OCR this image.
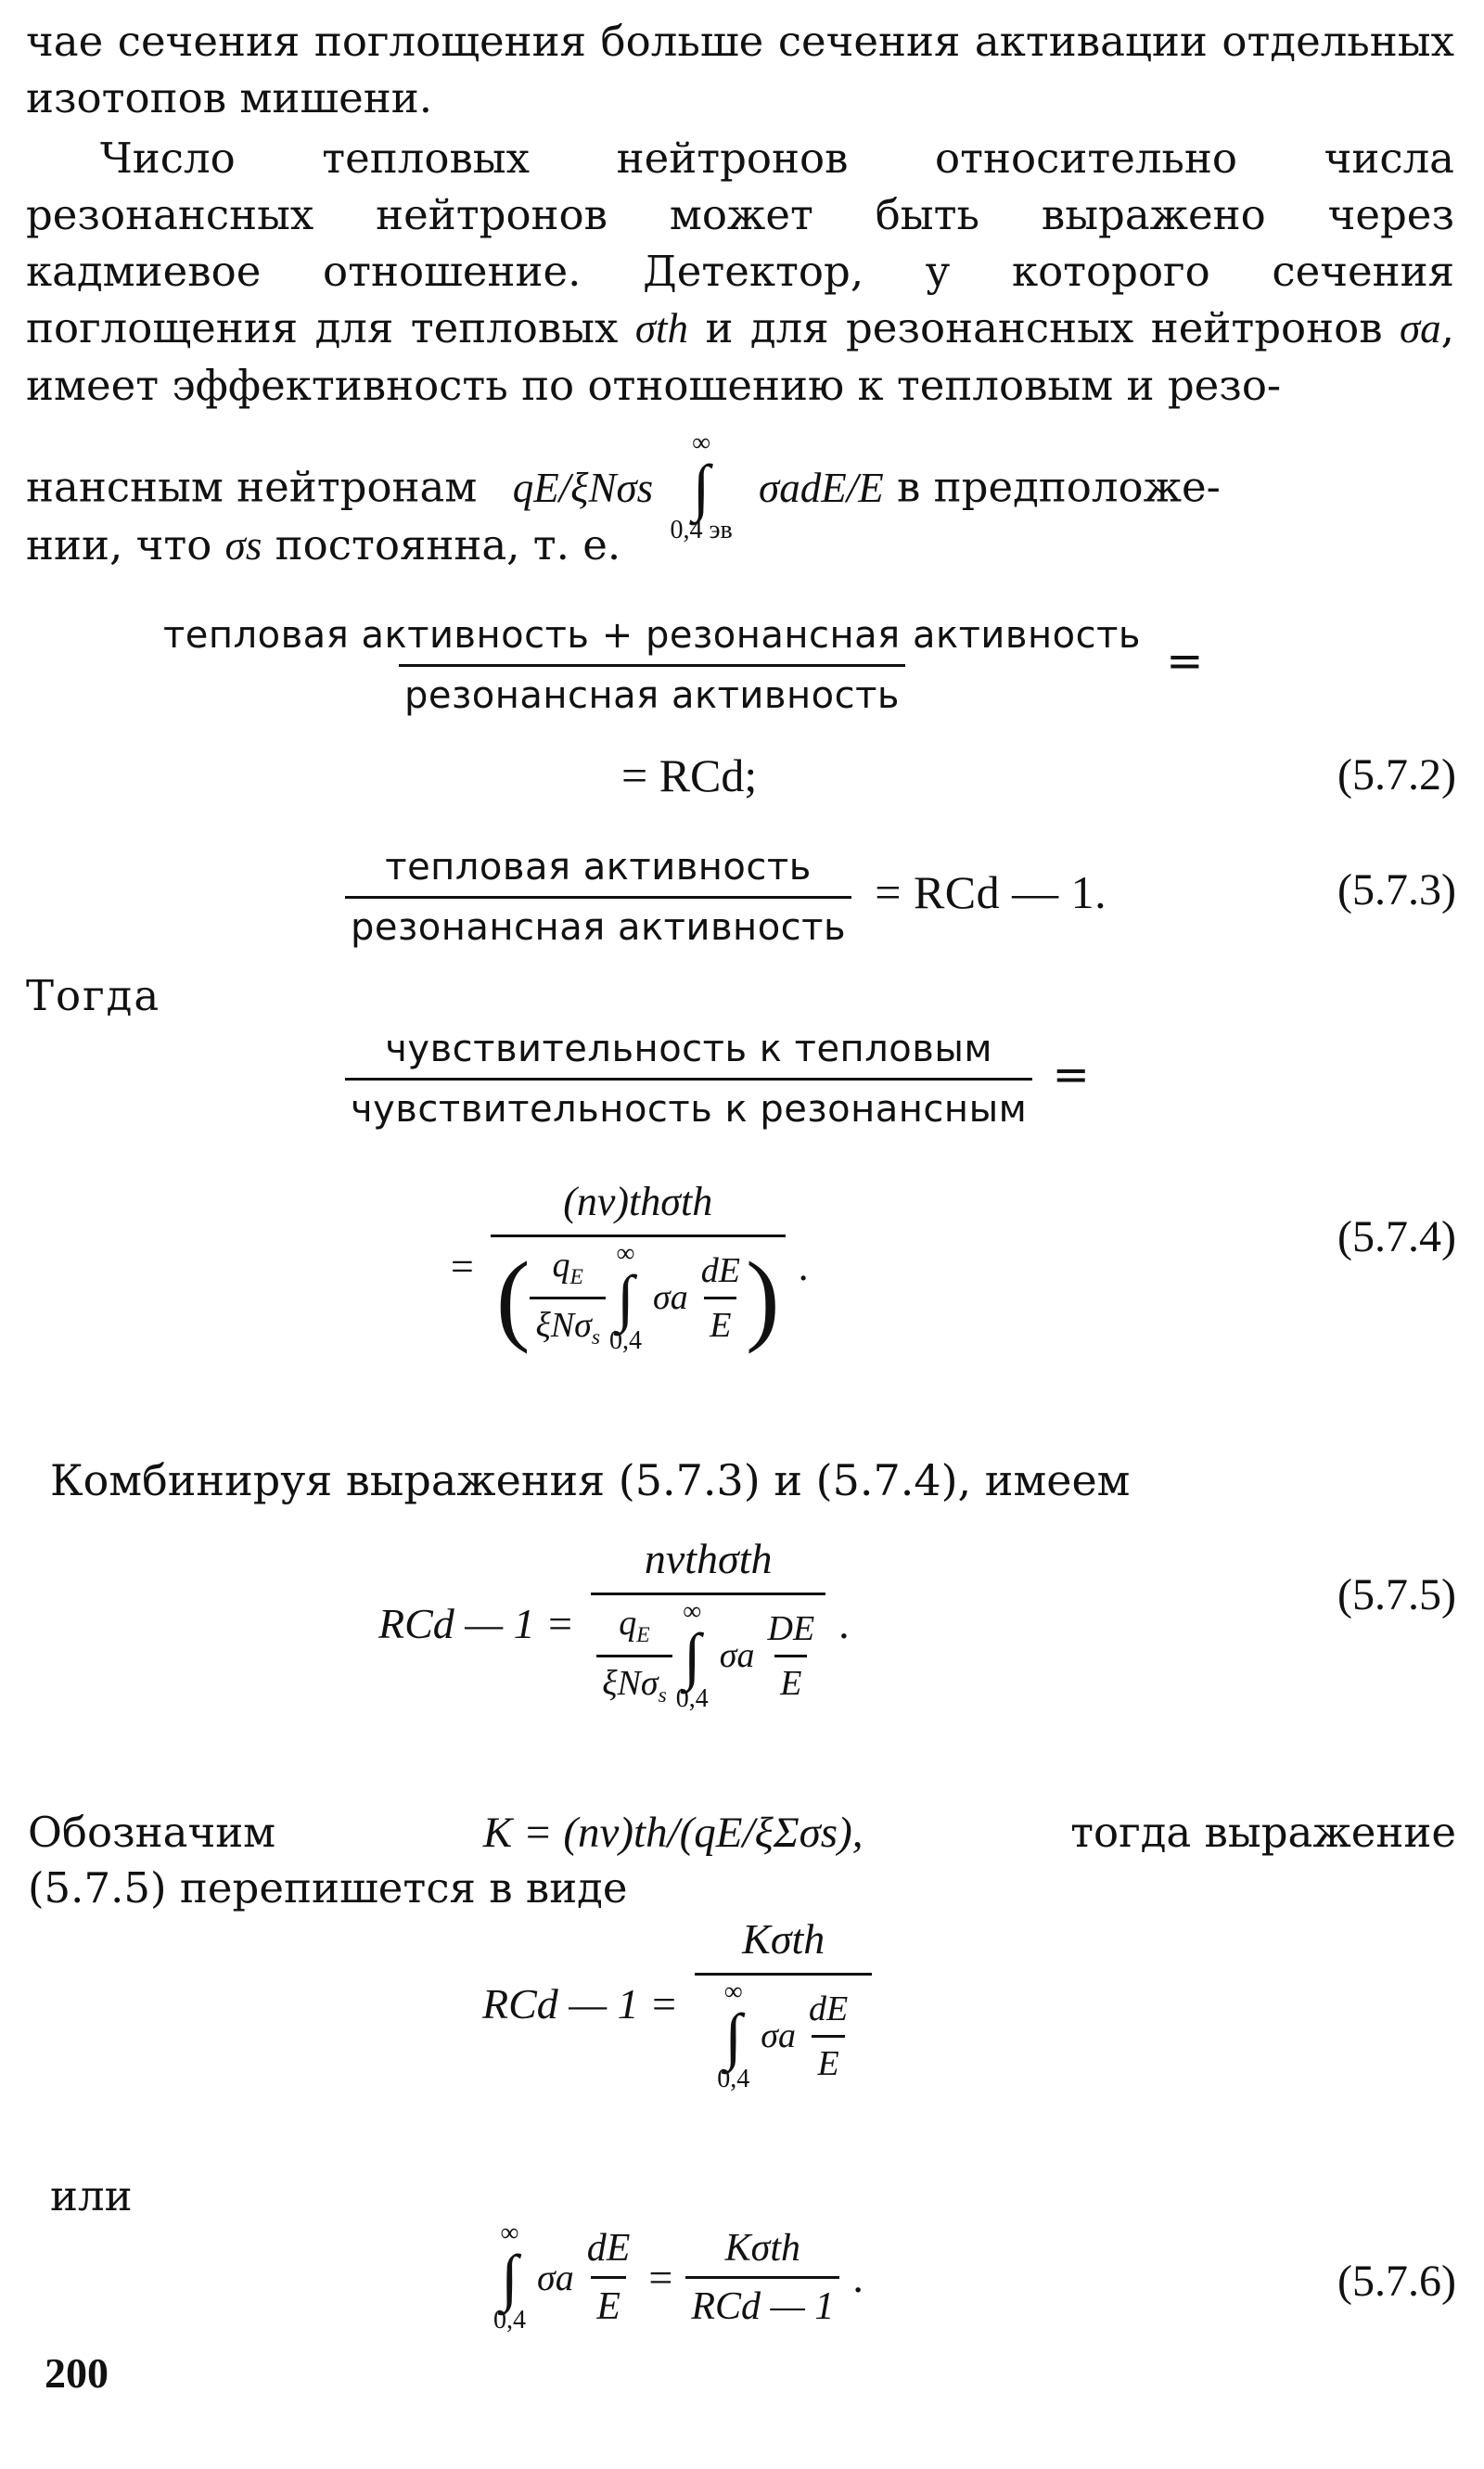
чае сечения поглощения больше сечения активации отдельных изотопов мишени.
Число тепловых нейтронов относительно числа резонансных нейтронов может быть выражено через кадмиевое отношение. Детектор, у которого сечения поглощения для тепловых σth и для резонансных нейтронов σa, имеет эффективность по отношению к тепловым и резо-
нансным нейтронам qE/ξNσs
∞
∫
0,4 эв
σadE/E в предположе-
нии, что σs постоянна, т. е.
$\frac{\text{тепловая активность + резонансная активность}}{\text{резонансная активность}}$ =
= RCd;	(5.7.2)
$\frac{\text{тепловая активность}}{\text{резонансная активность}}$ = RCd — 1.	(5.7.3)
Тогда
$\frac{\text{чувствительность к тепловым}}{\text{чувствительность к резонансным}}$ =
=
(nv)thσth
( $\frac{q_E}{\xi N\sigma_s}$ ∞
∫
0,4
σa $\frac{dE}{E}$ ) .
(5.7.4)
Комбинируя выражения (5.7.3) и (5.7.4), имеем
RCd — 1 =
nvthσth
$\frac{q_E}{\xi N\sigma_s}$ ∞
∫
0,4
σa $\frac{DE}{E}$ .
(5.7.5)
Обозначим	K = (nv)th/(qE/ξΣσs),	тогда выражение
(5.7.5) перепишется в виде
RCd — 1 =
Kσth
∞
∫
0,4
σa $\frac{dE}{E}$
или
∞
∫
0,4
σa $\frac{dE}{E} = \frac{\text{Kσth}}{\text{RCd — 1}}$ .	(5.7.6)
200
